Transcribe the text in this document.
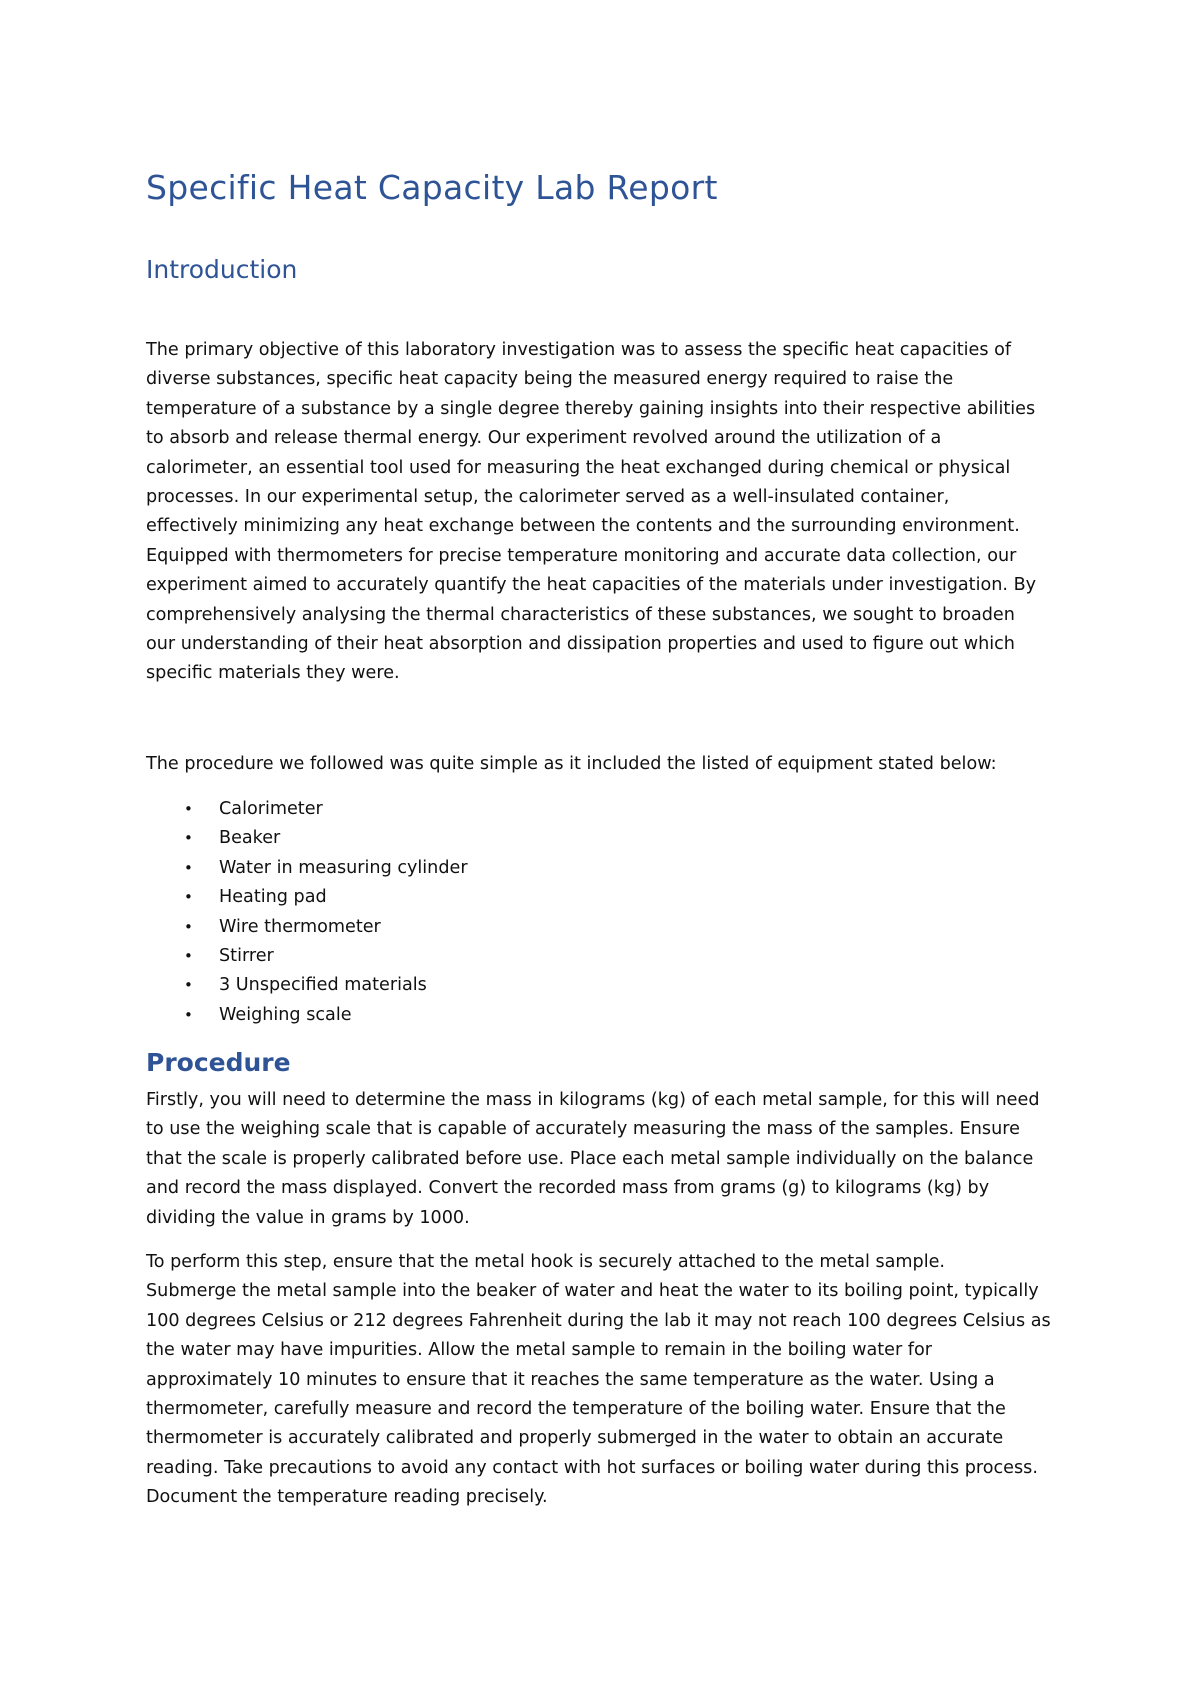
Specific Heat Capacity Lab Report
Introduction

The primary objective of this laboratory investigation was to assess the specific heat capacities of
diverse substances, specific heat capacity being the measured energy required to raise the
temperature of a substance by a single degree thereby gaining insights into their respective abilities
to absorb and release thermal energy. Our experiment revolved around the utilization of a
calorimeter, an essential tool used for measuring the heat exchanged during chemical or physical
processes. In our experimental setup, the calorimeter served as a well-insulated container,
effectively minimizing any heat exchange between the contents and the surrounding environment.
Equipped with thermometers for precise temperature monitoring and accurate data collection, our
experiment aimed to accurately quantify the heat capacities of the materials under investigation. By
comprehensively analysing the thermal characteristics of these substances, we sought to broaden
our understanding of their heat absorption and dissipation properties and used to figure out which
specific materials they were.

The procedure we followed was quite simple as it included the listed of equipment stated below:

• Calorimeter
• Beaker
• Water in measuring cylinder
• Heating pad
• Wire thermometer
• Stirrer
• 3 Unspecified materials
• Weighing scale
Procedure

Firstly, you will need to determine the mass in kilograms (kg) of each metal sample, for this will need
to use the weighing scale that is capable of accurately measuring the mass of the samples. Ensure
that the scale is properly calibrated before use. Place each metal sample individually on the balance
and record the mass displayed. Convert the recorded mass from grams (g) to kilograms (kg) by
dividing the value in grams by 1000.

To perform this step, ensure that the metal hook is securely attached to the metal sample.
Submerge the metal sample into the beaker of water and heat the water to its boiling point, typically
100 degrees Celsius or 212 degrees Fahrenheit during the lab it may not reach 100 degrees Celsius as
the water may have impurities. Allow the metal sample to remain in the boiling water for
approximately 10 minutes to ensure that it reaches the same temperature as the water. Using a
thermometer, carefully measure and record the temperature of the boiling water. Ensure that the
thermometer is accurately calibrated and properly submerged in the water to obtain an accurate
reading. Take precautions to avoid any contact with hot surfaces or boiling water during this process.
Document the temperature reading precisely.
